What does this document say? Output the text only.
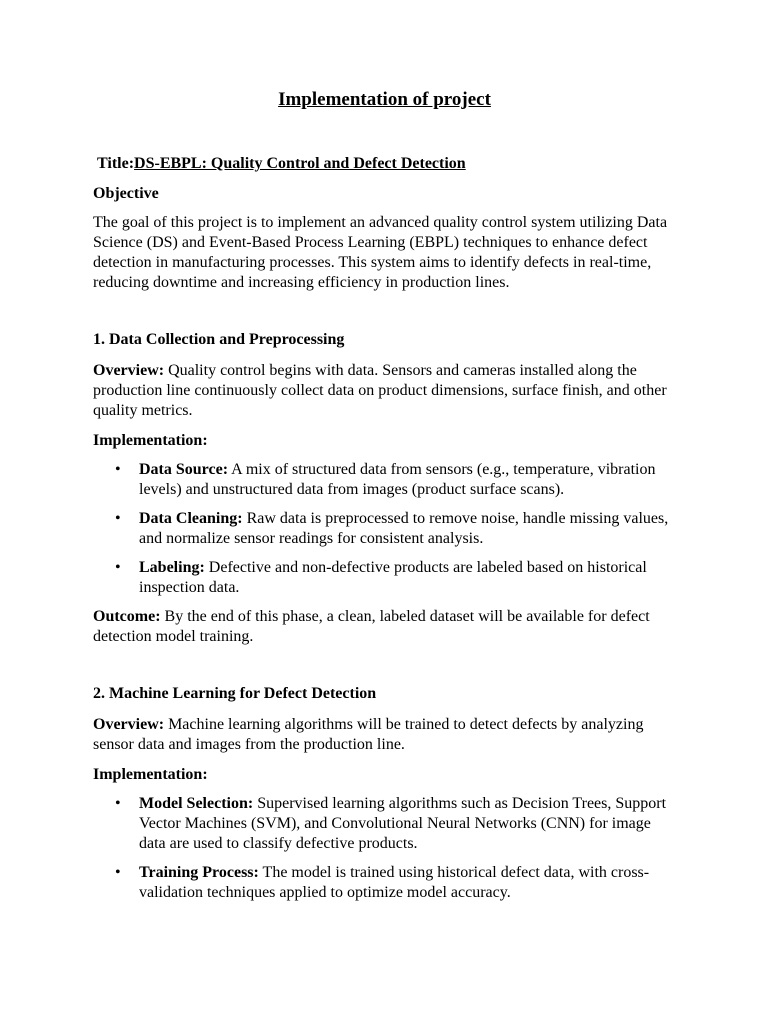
Implementation of project
Title:DS-EBPL: Quality Control and Defect Detection
Objective

The goal of this project is to implement an advanced quality control system utilizing Data Science (DS) and Event-Based Process Learning (EBPL) techniques to enhance defect detection in manufacturing processes. This system aims to identify defects in real-time, reducing downtime and increasing efficiency in production lines.

1. Data Collection and Preprocessing

Overview: Quality control begins with data. Sensors and cameras installed along the production line continuously collect data on product dimensions, surface finish, and other quality metrics.

Implementation:
• Data Source: A mix of structured data from sensors (e.g., temperature, vibration levels) and unstructured data from images (product surface scans).
• Data Cleaning: Raw data is preprocessed to remove noise, handle missing values, and normalize sensor readings for consistent analysis.
• Labeling: Defective and non-defective products are labeled based on historical inspection data.

Outcome: By the end of this phase, a clean, labeled dataset will be available for defect detection model training.

2. Machine Learning for Defect Detection

Overview: Machine learning algorithms will be trained to detect defects by analyzing sensor data and images from the production line.

Implementation:
• Model Selection: Supervised learning algorithms such as Decision Trees, Support Vector Machines (SVM), and Convolutional Neural Networks (CNN) for image data are used to classify defective products.
• Training Process: The model is trained using historical defect data, with cross-validation techniques applied to optimize model accuracy.
